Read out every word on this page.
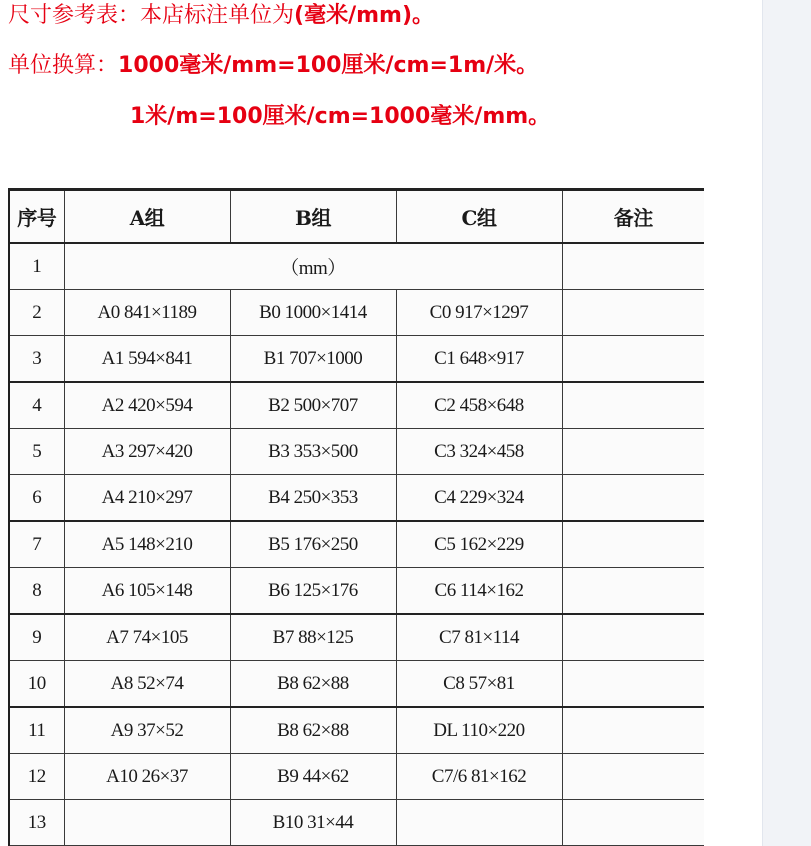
尺寸参考表：本店标注单位为(毫米/mm)。
单位换算：1000毫米/mm=100厘米/cm=1m/米。
1米/m=100厘米/cm=1000毫米/mm。
序号	A组	B组	C组	备注
1	（mm）			
2	A0 841×1189	B0 1000×1414	C0 917×1297	
3	A1 594×841	B1 707×1000	C1 648×917	
4	A2 420×594	B2 500×707	C2 458×648	
5	A3 297×420	B3 353×500	C3 324×458	
6	A4 210×297	B4 250×353	C4 229×324	
7	A5 148×210	B5 176×250	C5 162×229	
8	A6 105×148	B6 125×176	C6 114×162	
9	A7 74×105	B7 88×125	C7 81×114	
10	A8 52×74	B8 62×88	C8 57×81	
11	A9 37×52	B8 62×88	DL 110×220	
12	A10 26×37	B9 44×62	C7/6 81×162	
13		B10 31×44		
